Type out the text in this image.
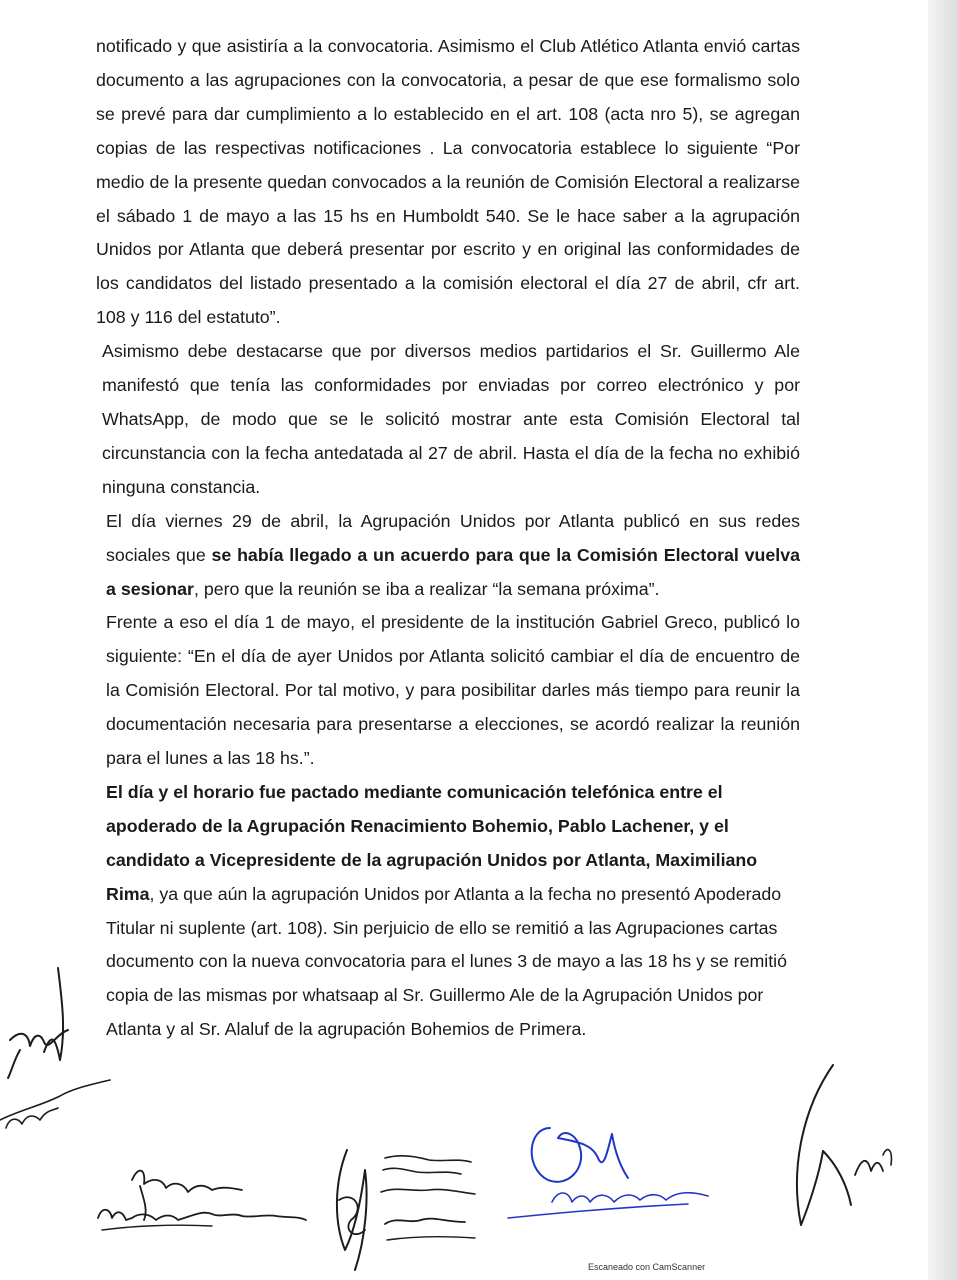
notificado y que asistiría a la convocatoria. Asimismo el Club Atlético Atlanta envió cartas documento a las agrupaciones con la convocatoria, a pesar de que ese formalismo solo se prevé para dar cumplimiento a lo establecido en el art. 108 (acta nro 5), se agregan copias de las respectivas notificaciones . La convocatoria establece lo siguiente “Por medio de la presente quedan convocados a la reunión de Comisión Electoral a realizarse el sábado 1 de mayo a las 15 hs en Humboldt 540. Se le hace saber a la agrupación Unidos por Atlanta que deberá presentar por escrito y en original las conformidades de los candidatos del listado presentado a la comisión electoral el día 27 de abril, cfr art. 108 y 116 del estatuto”.

Asimismo debe destacarse que por diversos medios partidarios el Sr. Guillermo Ale manifestó que tenía las conformidades por enviadas por correo electrónico y por WhatsApp, de modo que se le solicitó mostrar ante esta Comisión Electoral tal circunstancia con la fecha antedatada al 27 de abril. Hasta el día de la fecha no exhibió ninguna constancia.

El día viernes 29 de abril, la Agrupación Unidos por Atlanta publicó en sus redes sociales que se había llegado a un acuerdo para que la Comisión Electoral vuelva a sesionar, pero que la reunión se iba a realizar “la semana próxima”.

Frente a eso el día 1 de mayo, el presidente de la institución Gabriel Greco, publicó lo siguiente: “En el día de ayer Unidos por Atlanta solicitó cambiar el día de encuentro de la Comisión Electoral. Por tal motivo, y para posibilitar darles más tiempo para reunir la documentación necesaria para presentarse a elecciones, se acordó realizar la reunión para el lunes a las 18 hs.”.

El día y el horario fue pactado mediante comunicación telefónica entre el apoderado de la Agrupación Renacimiento Bohemio, Pablo Lachener, y el candidato a Vicepresidente de la agrupación Unidos por Atlanta, Maximiliano Rima, ya que aún la agrupación Unidos por Atlanta a la fecha no presentó Apoderado Titular ni suplente (art. 108). Sin perjuicio de ello se remitió a las Agrupaciones cartas documento con la nueva convocatoria para el lunes 3 de mayo a las 18 hs y se remitió copia de las mismas por whatsaap al Sr. Guillermo Ale de la Agrupación Unidos por Atlanta y al Sr. Alaluf de la agrupación Bohemios de Primera.

Escaneado con CamScanner
